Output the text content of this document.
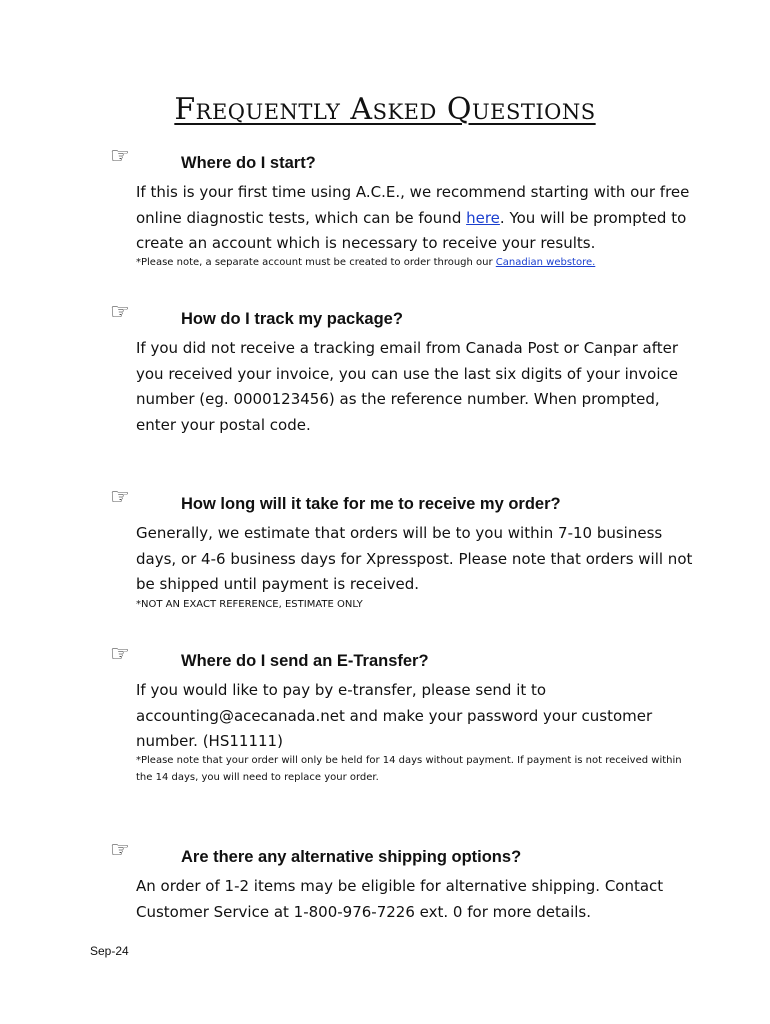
Frequently Asked Questions
☞	Where do I start?
If this is your first time using A.C.E., we recommend starting with our free online diagnostic tests, which can be found here. You will be prompted to create an account which is necessary to receive your results.
*Please note, a separate account must be created to order through our Canadian webstore.
☞	How do I track my package?
If you did not receive a tracking email from Canada Post or Canpar after you received your invoice, you can use the last six digits of your invoice number (eg. 0000123456) as the reference number. When prompted, enter your postal code.
☞	How long will it take for me to receive my order?
Generally, we estimate that orders will be to you within 7-10 business days, or 4-6 business days for Xpresspost. Please note that orders will not be shipped until payment is received.
*NOT AN EXACT REFERENCE, ESTIMATE ONLY
☞	Where do I send an E-Transfer?
If you would like to pay by e-transfer, please send it to accounting@acecanada.net and make your password your customer number. (HS11111)
*Please note that your order will only be held for 14 days without payment. If payment is not received within the 14 days, you will need to replace your order.
☞	Are there any alternative shipping options?
An order of 1-2 items may be eligible for alternative shipping. Contact Customer Service at 1-800-976-7226 ext. 0 for more details.
Sep-24
